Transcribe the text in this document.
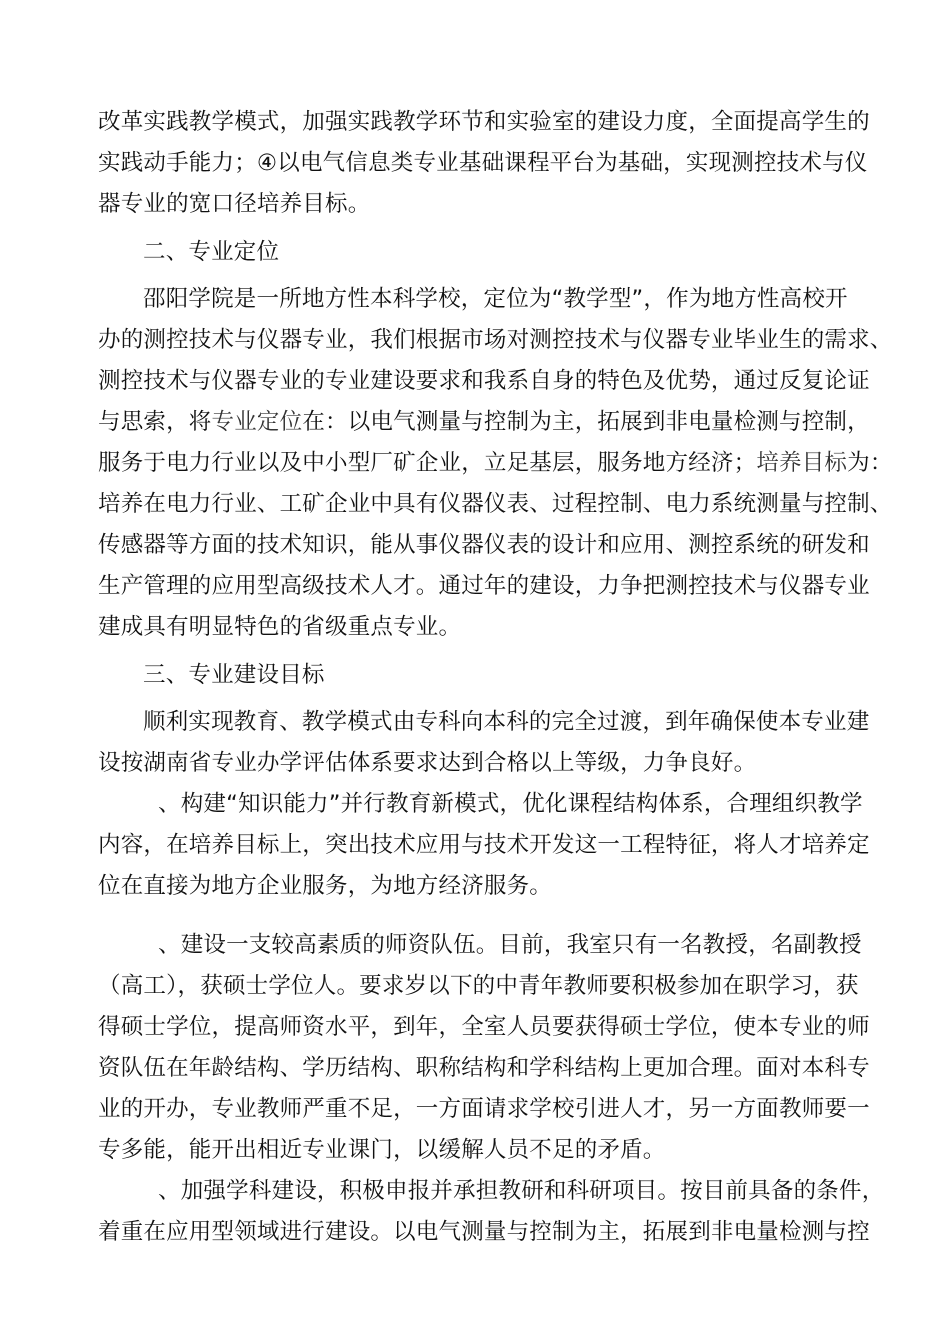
改革实践教学模式，加强实践教学环节和实验室的建设力度，全面提高学生的
实践动手能力；④以电气信息类专业基础课程平台为基础，实现测控技术与仪
器专业的宽口径培养目标。
二、专业定位
邵阳学院是一所地方性本科学校，定位为“教学型”，作为地方性高校开
办的测控技术与仪器专业，我们根据市场对测控技术与仪器专业毕业生的需求、
测控技术与仪器专业的专业建设要求和我系自身的特色及优势，通过反复论证
与思索，将专业定位在：以电气测量与控制为主，拓展到非电量检测与控制，
服务于电力行业以及中小型厂矿企业，立足基层，服务地方经济；培养目标为：
培养在电力行业、工矿企业中具有仪器仪表、过程控制、电力系统测量与控制、
传感器等方面的技术知识，能从事仪器仪表的设计和应用、测控系统的研发和
生产管理的应用型高级技术人才。通过年的建设，力争把测控技术与仪器专业
建成具有明显特色的省级重点专业。
三、专业建设目标
顺利实现教育、教学模式由专科向本科的完全过渡，到年确保使本专业建
设按湖南省专业办学评估体系要求达到合格以上等级，力争良好。
、构建“知识能力”并行教育新模式，优化课程结构体系，合理组织教学
内容，在培养目标上，突出技术应用与技术开发这一工程特征，将人才培养定
位在直接为地方企业服务，为地方经济服务。
、建设一支较高素质的师资队伍。目前，我室只有一名教授，名副教授
（高工），获硕士学位人。要求岁以下的中青年教师要积极参加在职学习，获
得硕士学位，提高师资水平，到年，全室人员要获得硕士学位，使本专业的师
资队伍在年龄结构、学历结构、职称结构和学科结构上更加合理。面对本科专
业的开办，专业教师严重不足，一方面请求学校引进人才，另一方面教师要一
专多能，能开出相近专业课门，以缓解人员不足的矛盾。
、加强学科建设，积极申报并承担教研和科研项目。按目前具备的条件，
着重在应用型领域进行建设。以电气测量与控制为主，拓展到非电量检测与控
